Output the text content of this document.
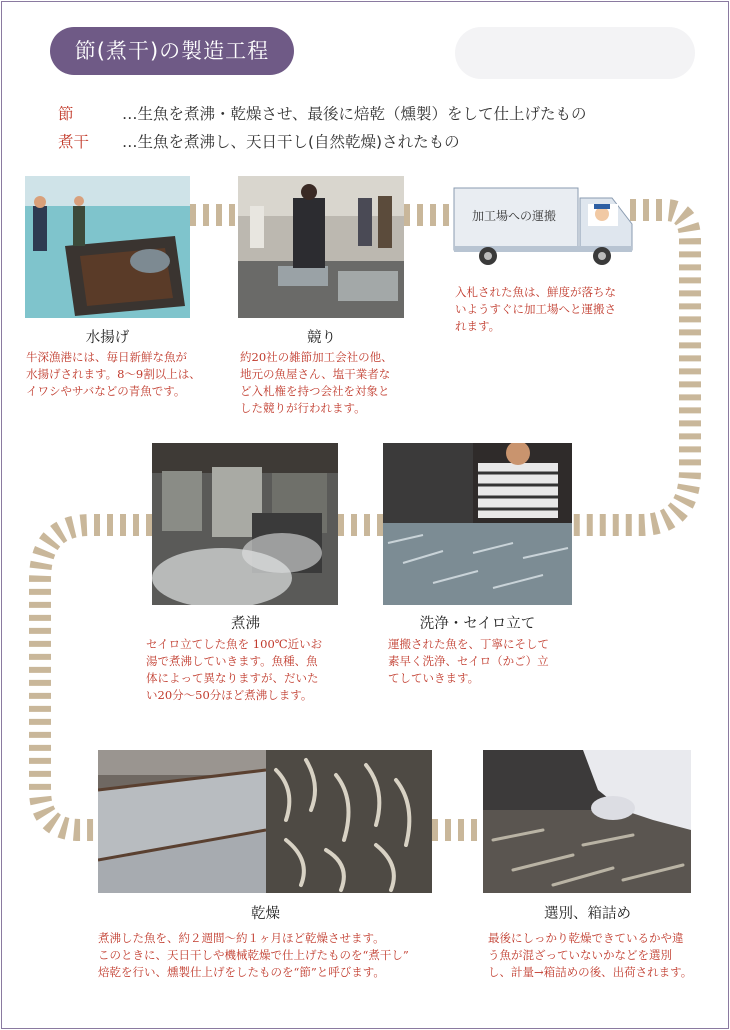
節(煮干)の製造工程
節	…生魚を煮沸・乾燥させ、最後に焙乾（燻製）をして仕上げたもの
煮干 …生魚を煮沸し、天日干し(自然乾燥)されたもの
加工場への運搬
水揚げ	競り
牛深漁港には、毎日新鮮な魚が
水揚げされます。8～9割以上は、
イワシやサバなどの青魚です。
約20社の雑節加工会社の他、
地元の魚屋さん、塩干業者な
ど入札権を持つ会社を対象と
した競りが行われます。
入札された魚は、鮮度が落ちな
いようすぐに加工場へと運搬さ
れます。
煮沸	洗浄・セイロ立て
セイロ立てした魚を 100℃近いお
湯で煮沸していきます。魚種、魚
体によって異なりますが、だいた
い20分～50分ほど煮沸します。
運搬された魚を、丁寧にそして
素早く洗浄、セイロ（かご）立
てしていきます。
乾燥	選別、箱詰め
煮沸した魚を、約２週間～約１ヶ月ほど乾燥させます。
このときに、天日干しや機械乾燥で仕上げたものを“煮干し”
焙乾を行い、燻製仕上げをしたものを“節”と呼びます。
最後にしっかり乾燥できているかや違
う魚が混ざっていないかなどを選別
し、計量→箱詰めの後、出荷されます。
